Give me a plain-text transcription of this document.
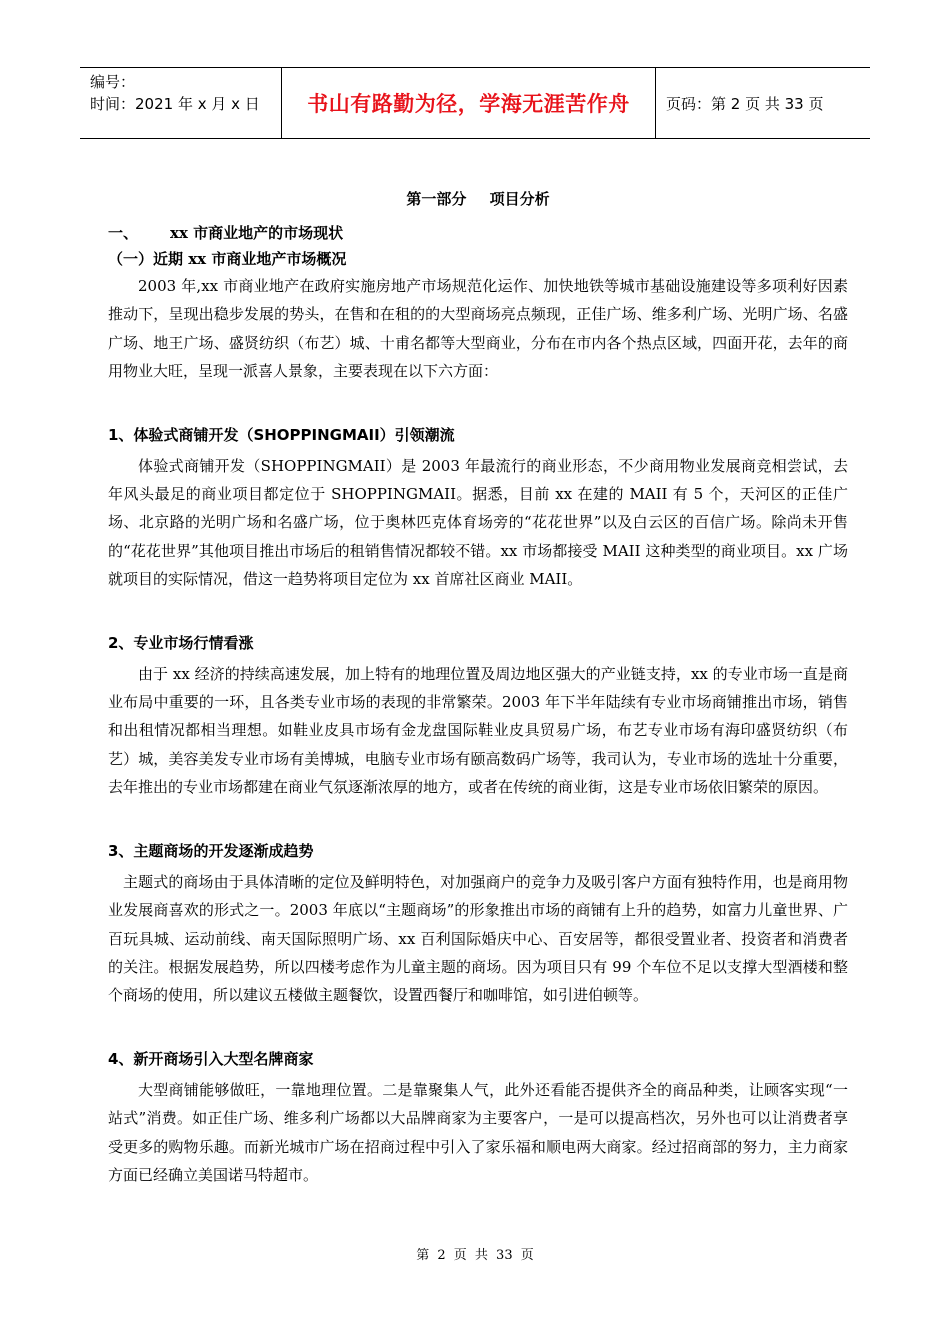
编号：
时间：2021 年 x 月 x 日	书山有路勤为径，学海无涯苦作舟	页码：第 2 页 共 33 页
第一部分 项目分析
一、 xx 市商业地产的市场现状
（一）近期 xx 市商业地产市场概况

2003 年,xx 市商业地产在政府实施房地产市场规范化运作、加快地铁等城市基础设施建设等多项利好因素推动下，呈现出稳步发展的势头，在售和在租的的大型商场亮点频现，正佳广场、维多利广场、光明广场、名盛广场、地王广场、盛贤纺织（布艺）城、十甫名都等大型商业，分布在市内各个热点区域，四面开花，去年的商用物业大旺，呈现一派喜人景象，主要表现在以下六方面：

1、体验式商铺开发（SHOPPINGMAII）引领潮流

体验式商铺开发（SHOPPINGMAII）是 2003 年最流行的商业形态，不少商用物业发展商竞相尝试，去年风头最足的商业项目都定位于 SHOPPINGMAII。据悉，目前 xx 在建的 MAII 有 5 个，天河区的正佳广场、北京路的光明广场和名盛广场，位于奥林匹克体育场旁的“花花世界”以及白云区的百信广场。除尚未开售的“花花世界”其他项目推出市场后的租销售情况都较不错。xx 市场都接受 MAII 这种类型的商业项目。xx 广场就项目的实际情况，借这一趋势将项目定位为 xx 首席社区商业 MAII。

2、专业市场行情看涨

由于 xx 经济的持续高速发展，加上特有的地理位置及周边地区强大的产业链支持，xx 的专业市场一直是商业布局中重要的一环，且各类专业市场的表现的非常繁荣。2003 年下半年陆续有专业市场商铺推出市场，销售和出租情况都相当理想。如鞋业皮具市场有金龙盘国际鞋业皮具贸易广场，布艺专业市场有海印盛贤纺织（布艺）城，美容美发专业市场有美博城，电脑专业市场有颐高数码广场等，我司认为，专业市场的选址十分重要，去年推出的专业市场都建在商业气氛逐渐浓厚的地方，或者在传统的商业街，这是专业市场依旧繁荣的原因。

3、主题商场的开发逐渐成趋势

主题式的商场由于具体清晰的定位及鲜明特色，对加强商户的竞争力及吸引客户方面有独特作用，也是商用物业发展商喜欢的形式之一。2003 年底以“主题商场”的形象推出市场的商铺有上升的趋势，如富力儿童世界、广百玩具城、运动前线、南天国际照明广场、xx 百利国际婚庆中心、百安居等，都很受置业者、投资者和消费者的关注。根据发展趋势，所以四楼考虑作为儿童主题的商场。因为项目只有 99 个车位不足以支撑大型酒楼和整个商场的使用，所以建议五楼做主题餐饮，设置西餐厅和咖啡馆，如引进伯顿等。

4、新开商场引入大型名牌商家

大型商铺能够做旺，一靠地理位置。二是靠聚集人气，此外还看能否提供齐全的商品种类，让顾客实现“一站式”消费。如正佳广场、维多利广场都以大品牌商家为主要客户，一是可以提高档次，另外也可以让消费者享受更多的购物乐趣。而新光城市广场在招商过程中引入了家乐福和顺电两大商家。经过招商部的努力，主力商家方面已经确立美国诺马特超市。

第 2 页 共 33 页
